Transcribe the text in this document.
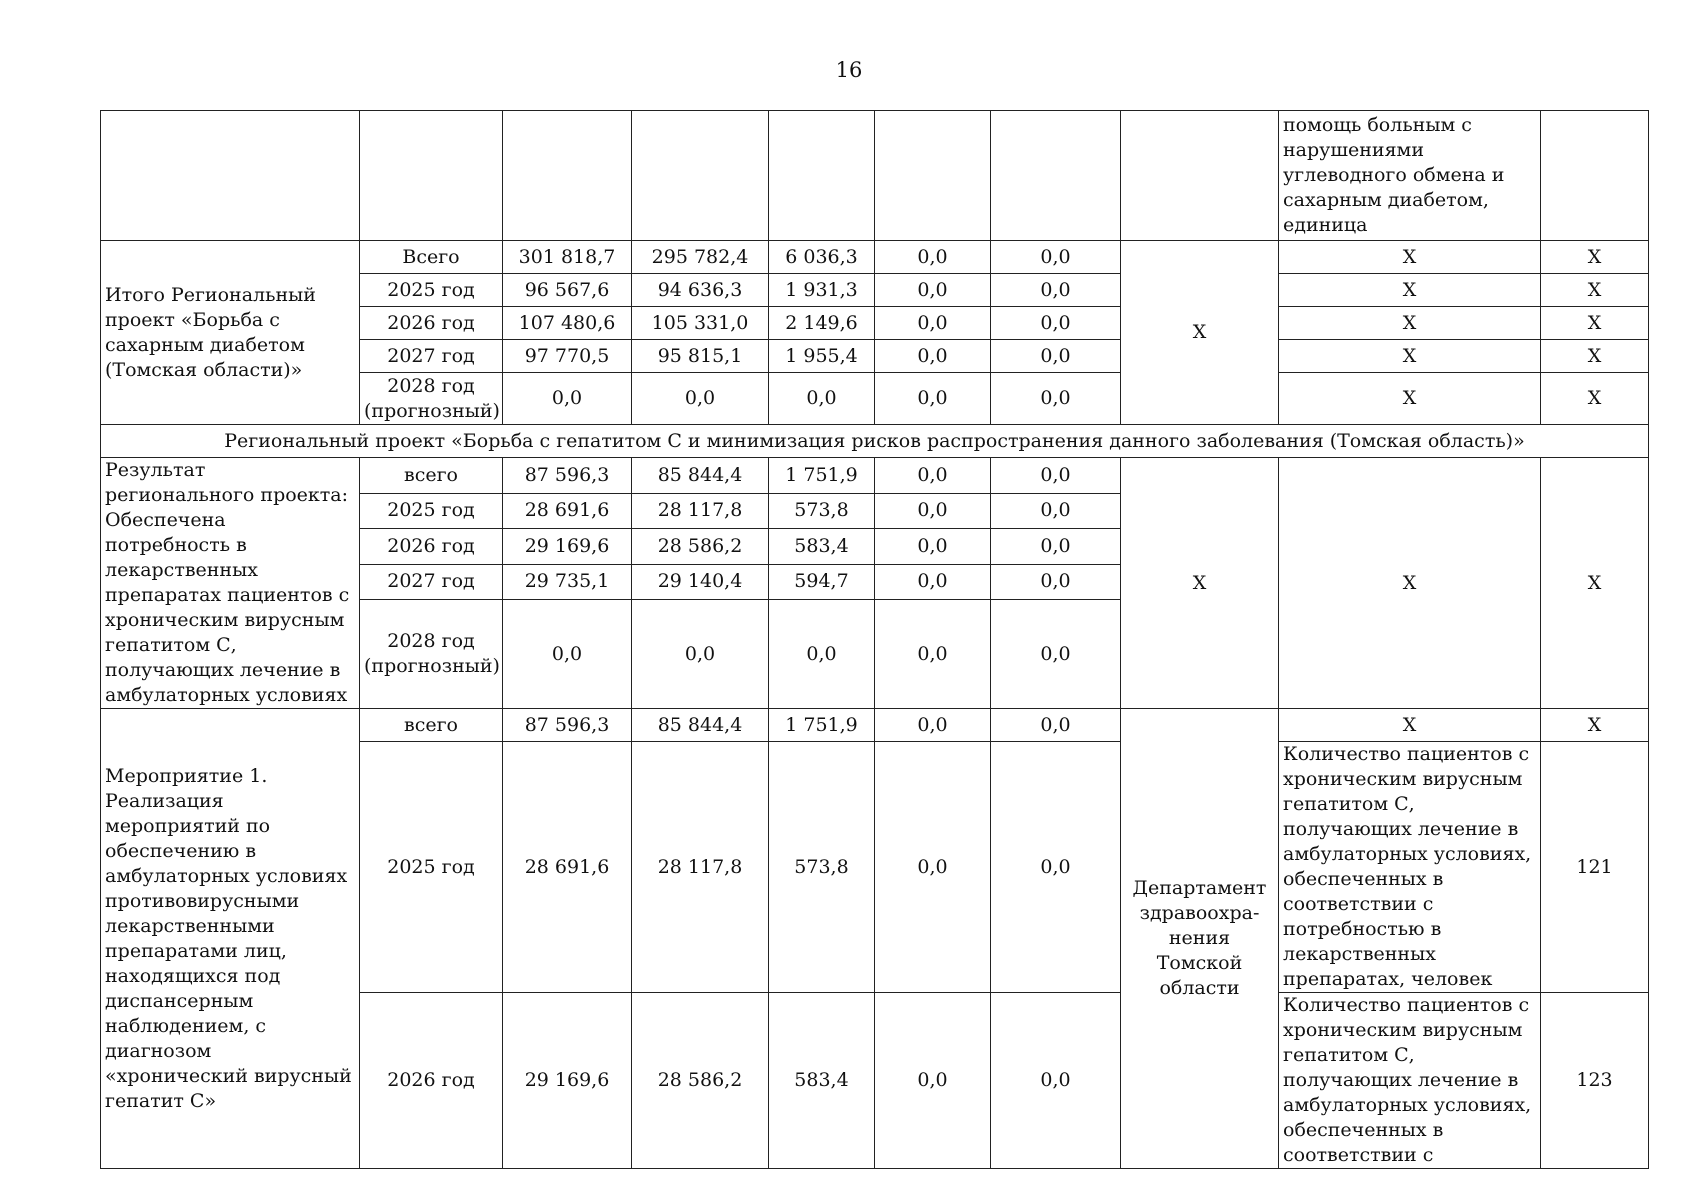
16
								помощь больным с нарушениями углеводного обмена и сахарным диабетом, единица	
Итого Региональный проект «Борьба с сахарным диабетом (Томская области)»	Всего	301 818,7	295 782,4	6 036,3	0,0	0,0	Х	Х	Х
	2025 год	96 567,6	94 636,3	1 931,3	0,0	0,0		Х	Х
	2026 год	107 480,6	105 331,0	2 149,6	0,0	0,0		Х	Х
	2027 год	97 770,5	95 815,1	1 955,4	0,0	0,0		Х	Х
	2028 год (прогнозный)	0,0	0,0	0,0	0,0	0,0		Х	Х
Региональный проект «Борьба с гепатитом С и минимизация рисков распространения данного заболевания (Томская область)»									
Результат регионального проекта: Обеспечена потребность в лекарственных препаратах пациентов с хроническим вирусным гепатитом С, получающих лечение в амбулаторных условиях	всего	87 596,3	85 844,4	1 751,9	0,0	0,0	Х	Х	Х
	2025 год	28 691,6	28 117,8	573,8	0,0	0,0			
	2026 год	29 169,6	28 586,2	583,4	0,0	0,0			
	2027 год	29 735,1	29 140,4	594,7	0,0	0,0			
	2028 год (прогнозный)	0,0	0,0	0,0	0,0	0,0			
Мероприятие 1. Реализация мероприятий по обеспечению в амбулаторных условиях противовирусными лекарственными препаратами лиц, находящихся под диспансерным наблюдением, с диагнозом «хронический вирусный гепатит С»	всего	87 596,3	85 844,4	1 751,9	0,0	0,0	Департамент здравоохра-нения Томской области	Х	Х
	2025 год	28 691,6	28 117,8	573,8	0,0	0,0		Количество пациентов с хроническим вирусным гепатитом С, получающих лечение в амбулаторных условиях, обеспеченных в соответствии с потребностью в лекарственных препаратах, человек	121
	2026 год	29 169,6	28 586,2	583,4	0,0	0,0		Количество пациентов с хроническим вирусным гепатитом С, получающих лечение в амбулаторных условиях, обеспеченных в соответствии с	123
